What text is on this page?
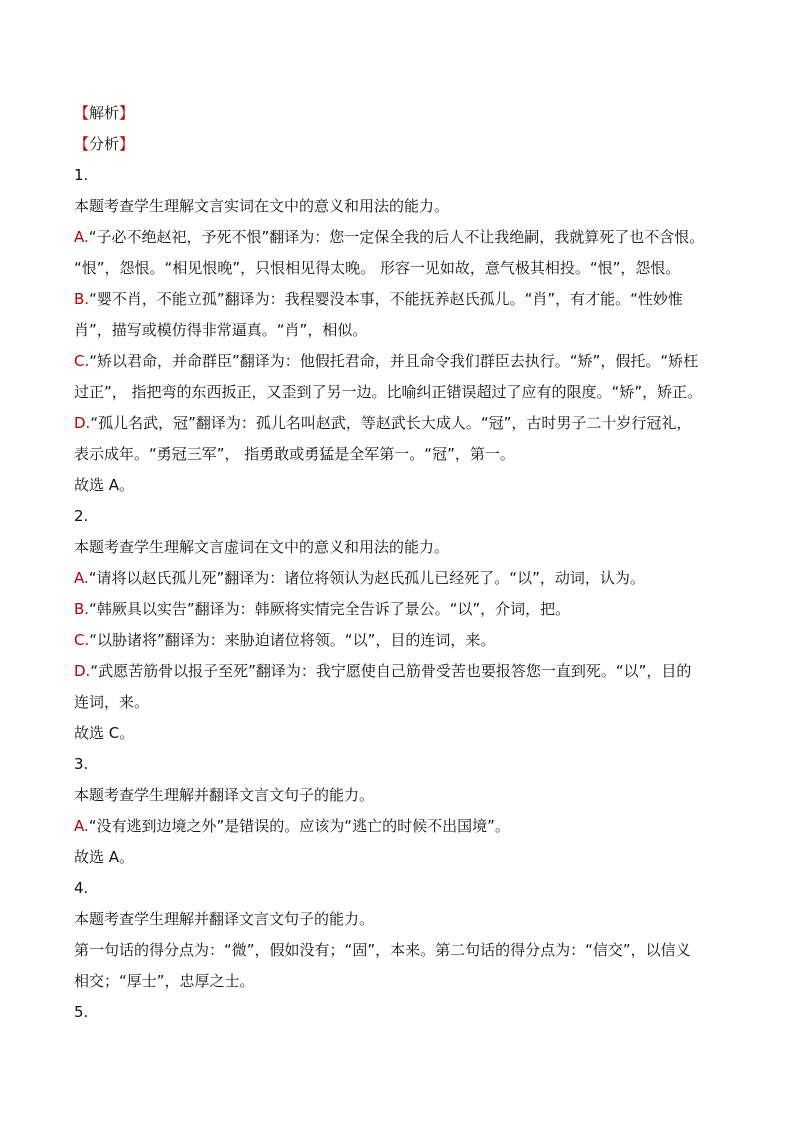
【解析】

【分析】

1.

本题考查学生理解文言实词在文中的意义和用法的能力。

A.“子必不绝赵祀，予死不恨”翻译为：您一定保全我的后人不让我绝嗣，我就算死了也不含恨。

“恨”，怨恨。“相见恨晚”，只恨相见得太晚。 形容一见如故，意气极其相投。“恨”，怨恨。

B.“婴不肖，不能立孤”翻译为：我程婴没本事，不能抚养赵氏孤儿。“肖”，有才能。“性妙惟

肖”，描写或模仿得非常逼真。“肖”，相似。

C.“矫以君命，并命群臣”翻译为：他假托君命，并且命令我们群臣去执行。“矫”，假托。“矫枉

过正”， 指把弯的东西扳正，又歪到了另一边。比喻纠正错误超过了应有的限度。“矫”，矫正。

D.“孤儿名武，冠”翻译为：孤儿名叫赵武，等赵武长大成人。“冠”，古时男子二十岁行冠礼，

表示成年。“勇冠三军”， 指勇敢或勇猛是全军第一。“冠”，第一。

故选 A。

2.

本题考查学生理解文言虚词在文中的意义和用法的能力。

A.“请将以赵氏孤儿死”翻译为：诸位将领认为赵氏孤儿已经死了。“以”，动词，认为。

B.“韩厥具以实告”翻译为：韩厥将实情完全告诉了景公。“以”，介词，把。

C.“以胁诸将”翻译为：来胁迫诸位将领。“以”，目的连词，来。

D.“武愿苦筋骨以报子至死”翻译为：我宁愿使自己筋骨受苦也要报答您一直到死。“以”，目的

连词，来。

故选 C。

3.

本题考查学生理解并翻译文言文句子的能力。

A.“没有逃到边境之外”是错误的。应该为“逃亡的时候不出国境”。

故选 A。

4.

本题考查学生理解并翻译文言文句子的能力。

第一句话的得分点为：“微”，假如没有；“固”，本来。第二句话的得分点为：“信交”，以信义

相交；“厚士”，忠厚之士。

5.
